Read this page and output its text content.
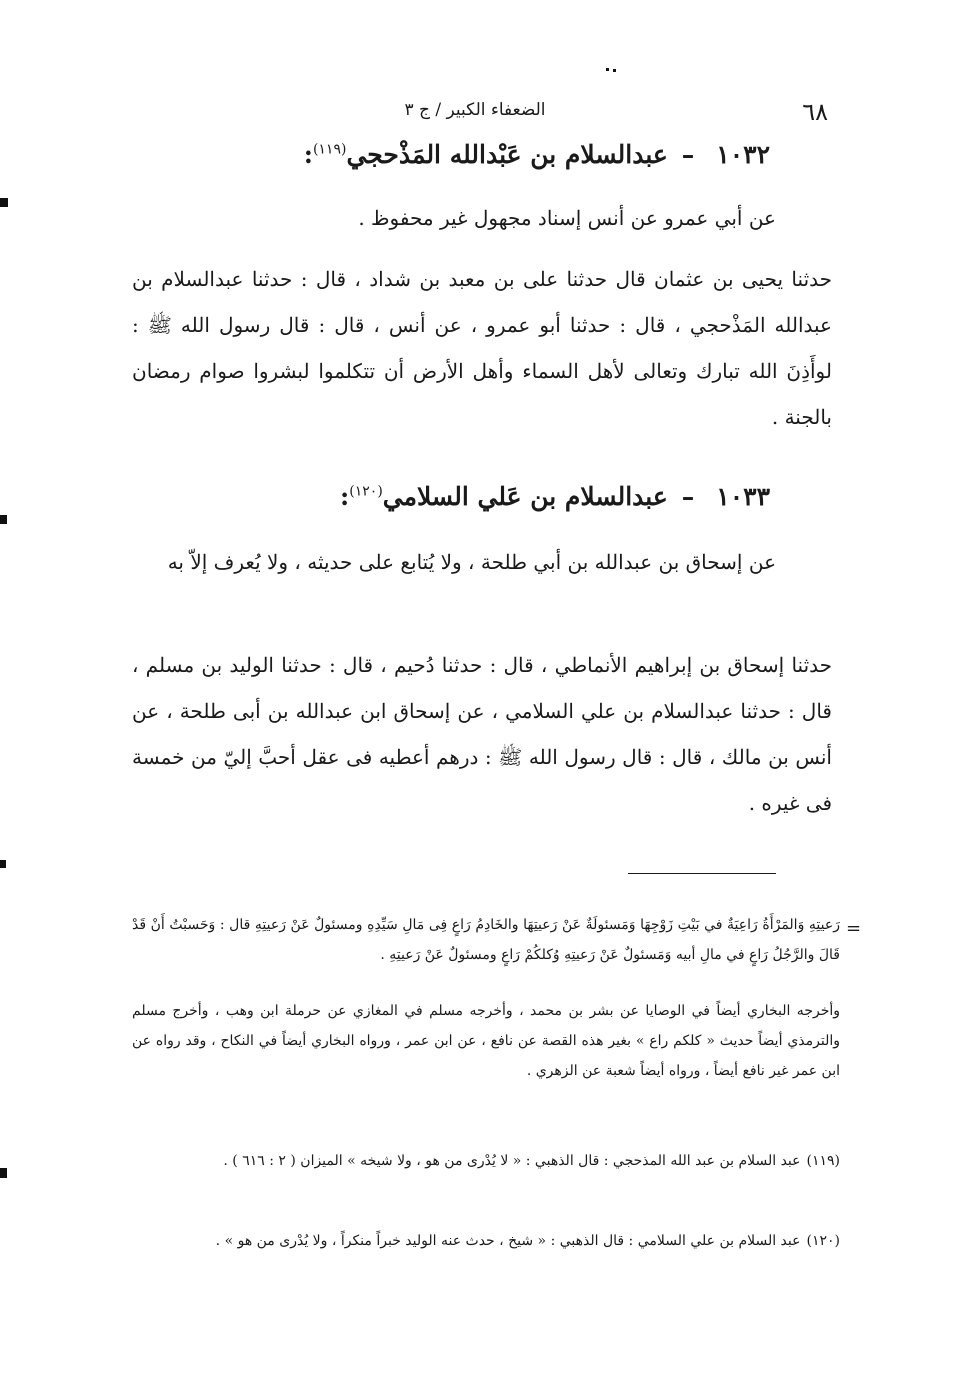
٦٨
الضعفاء الكبير / ج ٣
١٠٣٢–عبدالسلام بن عَبْدالله المَذْحجي$^{(١١٩)}$:
عن أبي عمرو عن أنس إسناد مجهول غير محفوظ .
حدثنا يحيى بن عثمان قال حدثنا على بن معبد بن شداد ، قال : حدثنا عبدالسلام بن عبدالله المَذْحجي ، قال : حدثنا أبو عمرو ، عن أنس ، قال : قال رسول الله ﷺ : لوأَذِنَ الله تبارك وتعالى لأهل السماء وأهل الأرض أن تتكلموا لبشروا صوام رمضان بالجنة .
١٠٣٣–عبدالسلام بن عَلي السلامي$^{(١٢٠)}$:
عن إسحاق بن عبدالله بن أبي طلحة ، ولا يُتابع على حديثه ، ولا يُعرف إلاّ به
حدثنا إسحاق بن إبراهيم الأنماطي ، قال : حدثنا دُحيم ، قال : حدثنا الوليد بن مسلم ، قال : حدثنا عبدالسلام بن علي السلامي ، عن إسحاق ابن عبدالله بن أبى طلحة ، عن أنس بن مالك ، قال : قال رسول الله ﷺ : درهم أعطيه فى عقل أحبَّ إليّ من خمسة فى غيره .
=
رَعيتِهِ وَالمَرْأَةُ رَاعِيَةٌ في بَيْتِ زَوْجِهَا وَمَسئولَةٌ عَنْ رَعيتِهَا والخَادِمُ رَاعٍ فِى مَالِ سَيِّدِهِ ومسئولٌ عَنْ رَعيتِهِ قال : وَحَسبْتُ أَنْ قَدْ قَالَ والرَّجُلُ رَاعٍ في مالِ أبيه وَمَسئولٌ عَنْ رَعيتِهِ وُكلكُمْ رَاعٍ ومسئولٌ عَنْ رَعيتِهِ .
وأخرجه البخاري أيضاً في الوصايا عن بشر بن محمد ، وأخرجه مسلم في المغازي عن حرملة ابن وهب ، وأخرج مسلم والترمذي أيضاً حديث « كلكم راع » بغير هذه القصة عن نافع ، عن ابن عمر ، ورواه البخاري أيضاً في النكاح ، وقد رواه عن ابن عمر غير نافع أيضاً ، ورواه أيضاً شعبة عن الزهري .
(١١٩)عبد السلام بن عبد الله المذحجي : قال الذهبي : « لا يُدْرى من هو ، ولا شيخه » الميزان ( ٢ : ٦١٦ ) .
(١٢٠)عبد السلام بن علي السلامي : قال الذهبي : « شيخ ، حدث عنه الوليد خبراً منكراً ، ولا يُدْرى من هو » .
